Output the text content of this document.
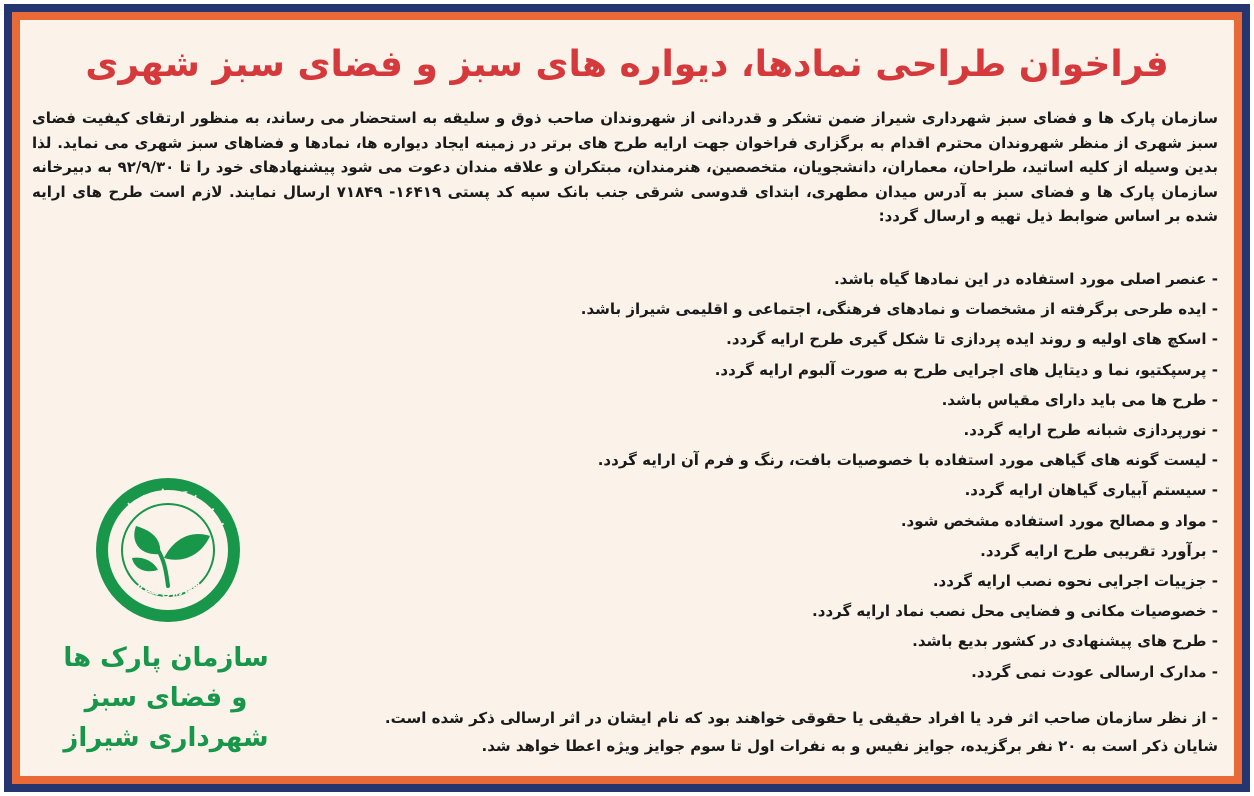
فراخوان طراحی نمادها، دیواره های سبز و فضای سبز شهری
سازمان پارک ها و فضای سبز شهرداری شیراز ضمن تشکر و قدردانی از شهروندان صاحب ذوق و سلیقه به استحضار می رساند، به منظور ارتقای کیفیت فضای سبز شهری از منظر شهروندان محترم اقدام به برگزاری فراخوان جهت ارایه طرح های برتر در زمینه ایجاد دیواره ها، نمادها و فضاهای سبز شهری می نماید. لذا بدین وسیله از کلیه اساتید، طراحان، معماران، دانشجویان، متخصصین، هنرمندان، مبتکران و علاقه مندان دعوت می شود پیشنهادهای خود را تا ۹۲/۹/۳۰ به دبیرخانه سازمان پارک ها و فضای سبز به آدرس میدان مطهری، ابتدای قدوسی شرقی جنب بانک سپه کد پستی ۱۶۴۱۹- ۷۱۸۴۹ ارسال نمایند. لازم است طرح های ارایه شده بر اساس ضوابط ذیل تهیه و ارسال گردد:
- عنصر اصلی مورد استفاده در این نمادها گیاه باشد.
- ایده طرحی برگرفته از مشخصات و نمادهای فرهنگی، اجتماعی و اقلیمی شیراز باشد.
- اسکچ های اولیه و روند ایده پردازی تا شکل گیری طرح ارایه گردد.
- پرسپکتیو، نما و دیتایل های اجرایی طرح به صورت آلبوم ارایه گردد.
- طرح ها می باید دارای مقیاس باشد.
- نورپردازی شبانه طرح ارایه گردد.
- لیست گونه های گیاهی مورد استفاده با خصوصیات بافت، رنگ و فرم آن ارایه گردد.
- سیستم آبیاری گیاهان ارایه گردد.
- مواد و مصالح مورد استفاده مشخص شود.
- برآورد تقریبی طرح ارایه گردد.
- جزییات اجرایی نحوه نصب ارایه گردد.
- خصوصیات مکانی و فضایی محل نصب نماد ارایه گردد.
- طرح های پیشنهادی در کشور بدیع باشد.
- مدارک ارسالی عودت نمی گردد.
- از نظر سازمان صاحب اثر فرد یا افراد حقیقی یا حقوقی خواهند بود که نام ایشان در اثر ارسالی ذکر شده است.
شایان ذکر است به ۲۰ نفر برگزیده، جوایز نفیس و به نفرات اول تا سوم جوایز ویژه اعطا خواهد شد.
سازمان پارک ها و فضای سبز
شهرداری شیراز
سازمان پارک ها
و فضای سبز
شهرداری شیراز
